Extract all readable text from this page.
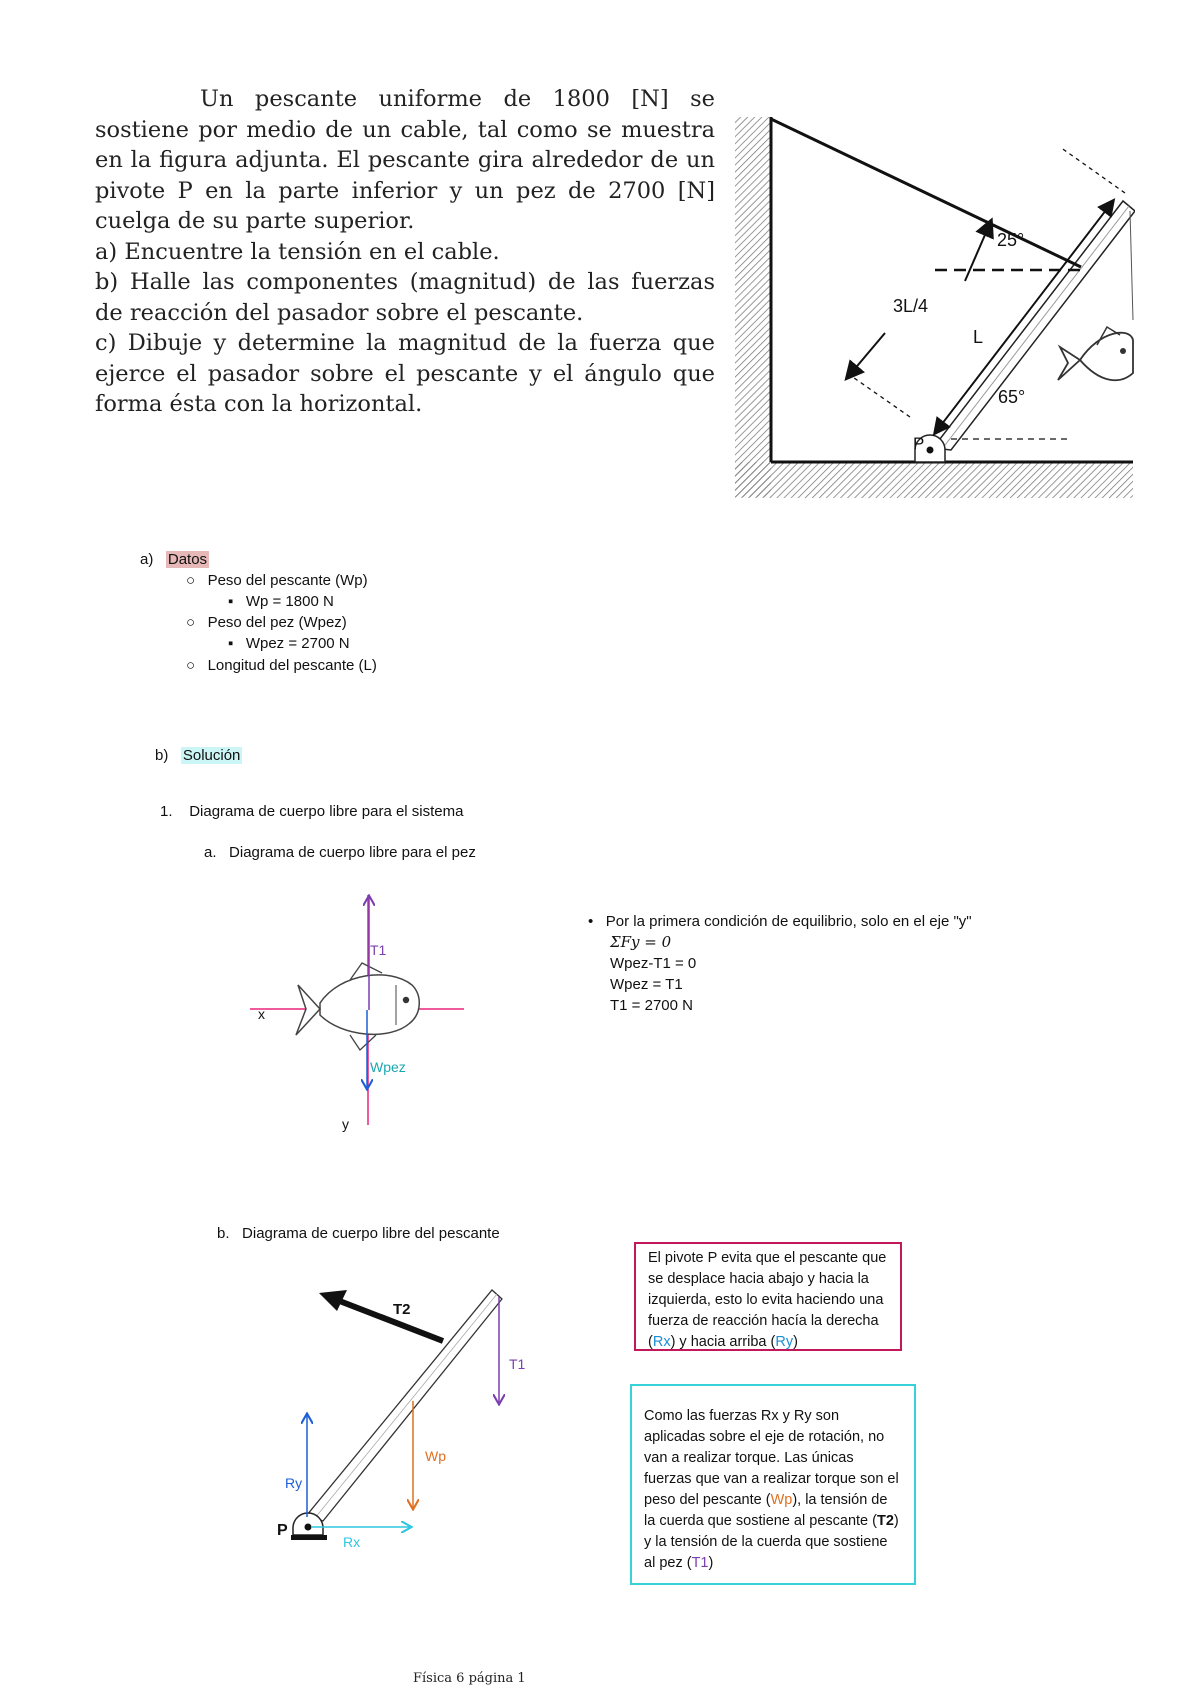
Un pescante uniforme de 1800 [N] se sostiene por medio de un cable, tal como se muestra en la figura adjunta. El pescante gira alrededor de un pivote P en la parte inferior y un pez de 2700 [N] cuelga de su parte superior.

a) Encuentre la tensión en el cable.

b) Halle las componentes (magnitud) de las fuerzas de reacción del pasador sobre el pescante.

c) Dibuje y determine la magnitud de la fuerza que ejerce el pasador sobre el pescante y el ángulo que forma ésta con la horizontal.

25°
65°
3L/4
L
P
a) Datos
○   Peso del pescante (Wp)
▪   Wp = 1800 N
○   Peso del pez (Wpez)
▪   Wpez = 2700 N
○   Longitud del pescante (L)
b) Solución
1. Diagrama de cuerpo libre para el sistema
a. Diagrama de cuerpo libre para el pez
T1
Wpez
x
y
•   Por la primera condición de equilibrio, solo en el eje "y"
ΣFy = 0
Wpez-T1 = 0
Wpez = T1
T1 = 2700 N
b. Diagrama de cuerpo libre del pescante
T2
T1
Wp
Ry
Rx
P
El pivote P evita que el pescante que se desplace hacia abajo y hacia la izquierda, esto lo evita haciendo una fuerza de reacción hacía la derecha (Rx) y hacia arriba (Ry)
Como las fuerzas Rx y Ry son aplicadas sobre el eje de rotación, no van a realizar torque. Las únicas fuerzas que van a realizar torque son el peso del pescante (Wp), la tensión de la cuerda que sostiene al pescante (T2) y la tensión de la cuerda que sostiene al pez (T1)
Física 6 página 1
